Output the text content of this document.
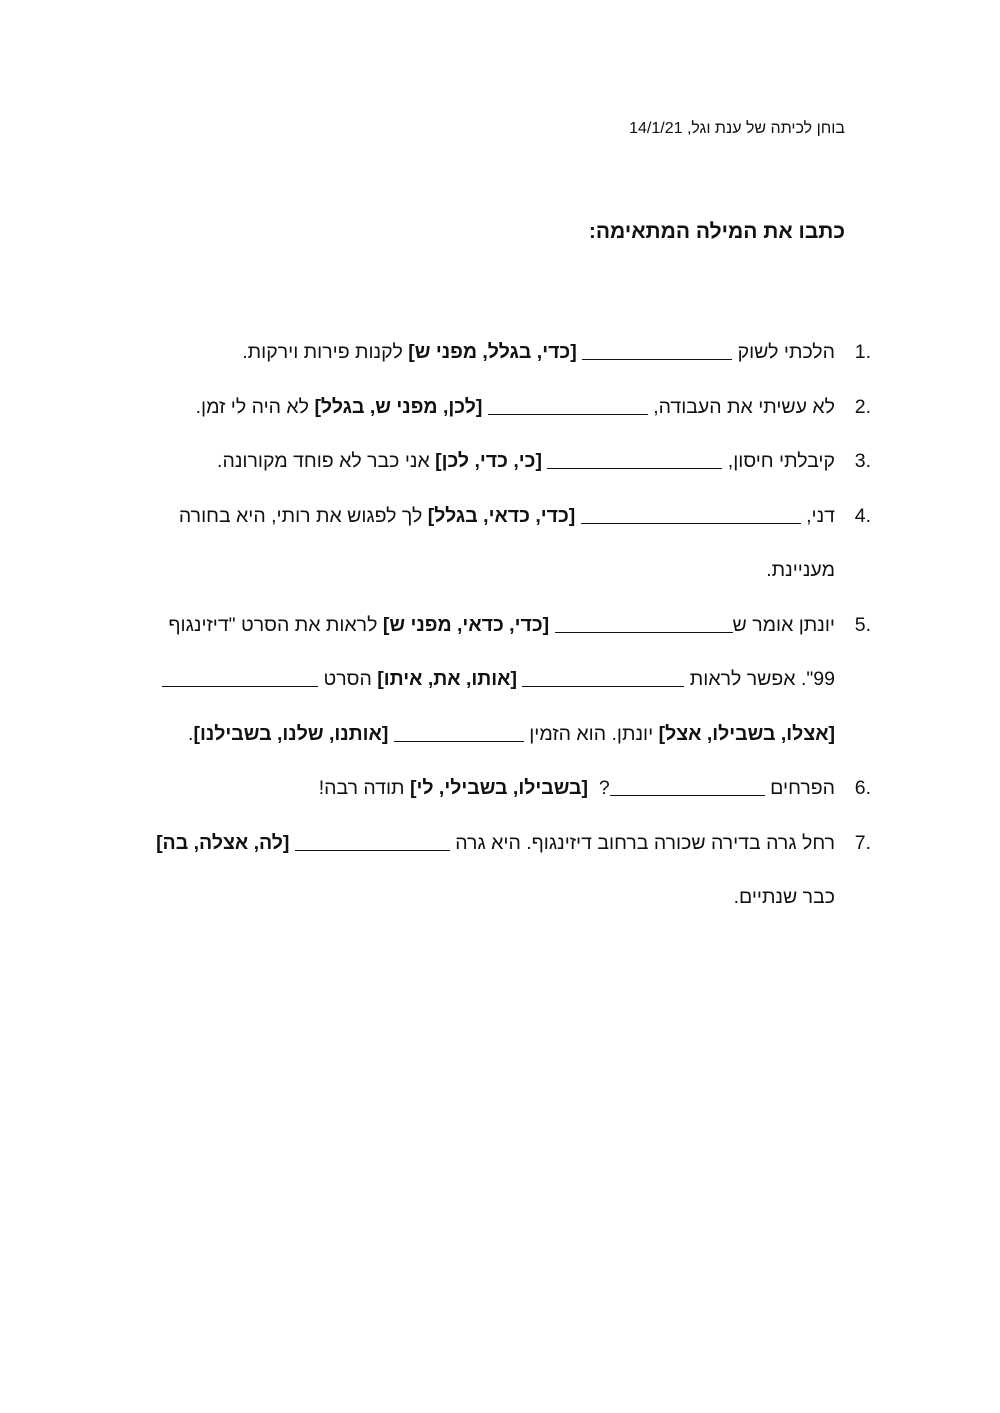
בוחן לכיתה של ענת וגל, 14/1/21
כתבו את המילה המתאימה:
1.
הלכתי לשוק  [כדי, בגלל, מפני ש] לקנות פירות וירקות.
2.
לא עשיתי את העבודה,  [לכן, מפני ש, בגלל] לא היה לי זמן.
3.
קיבלתי חיסון,  [כי, כדי, לכן] אני כבר לא פוחד מקורונה.
4.
דני,  [כדי, כדאי, בגלל] לך לפגוש את רותי, היא בחורה
מעניינת.
5.
יונתן אומר ש [כדי, כדאי, מפני ש] לראות את הסרט "דיזינגוף
99". אפשר לראות  [אותו, את, איתו] הסרט
[אצלו, בשבילו, אצל] יונתן. הוא הזמין  [אותנו, שלנו, בשבילנו].
6.
הפרחים ?  [בשבילו, בשבילי, לי] תודה רבה!
7.
רחל גרה בדירה שכורה ברחוב דיזינגוף. היא גרה  [לה, אצלה, בה]
כבר שנתיים.
